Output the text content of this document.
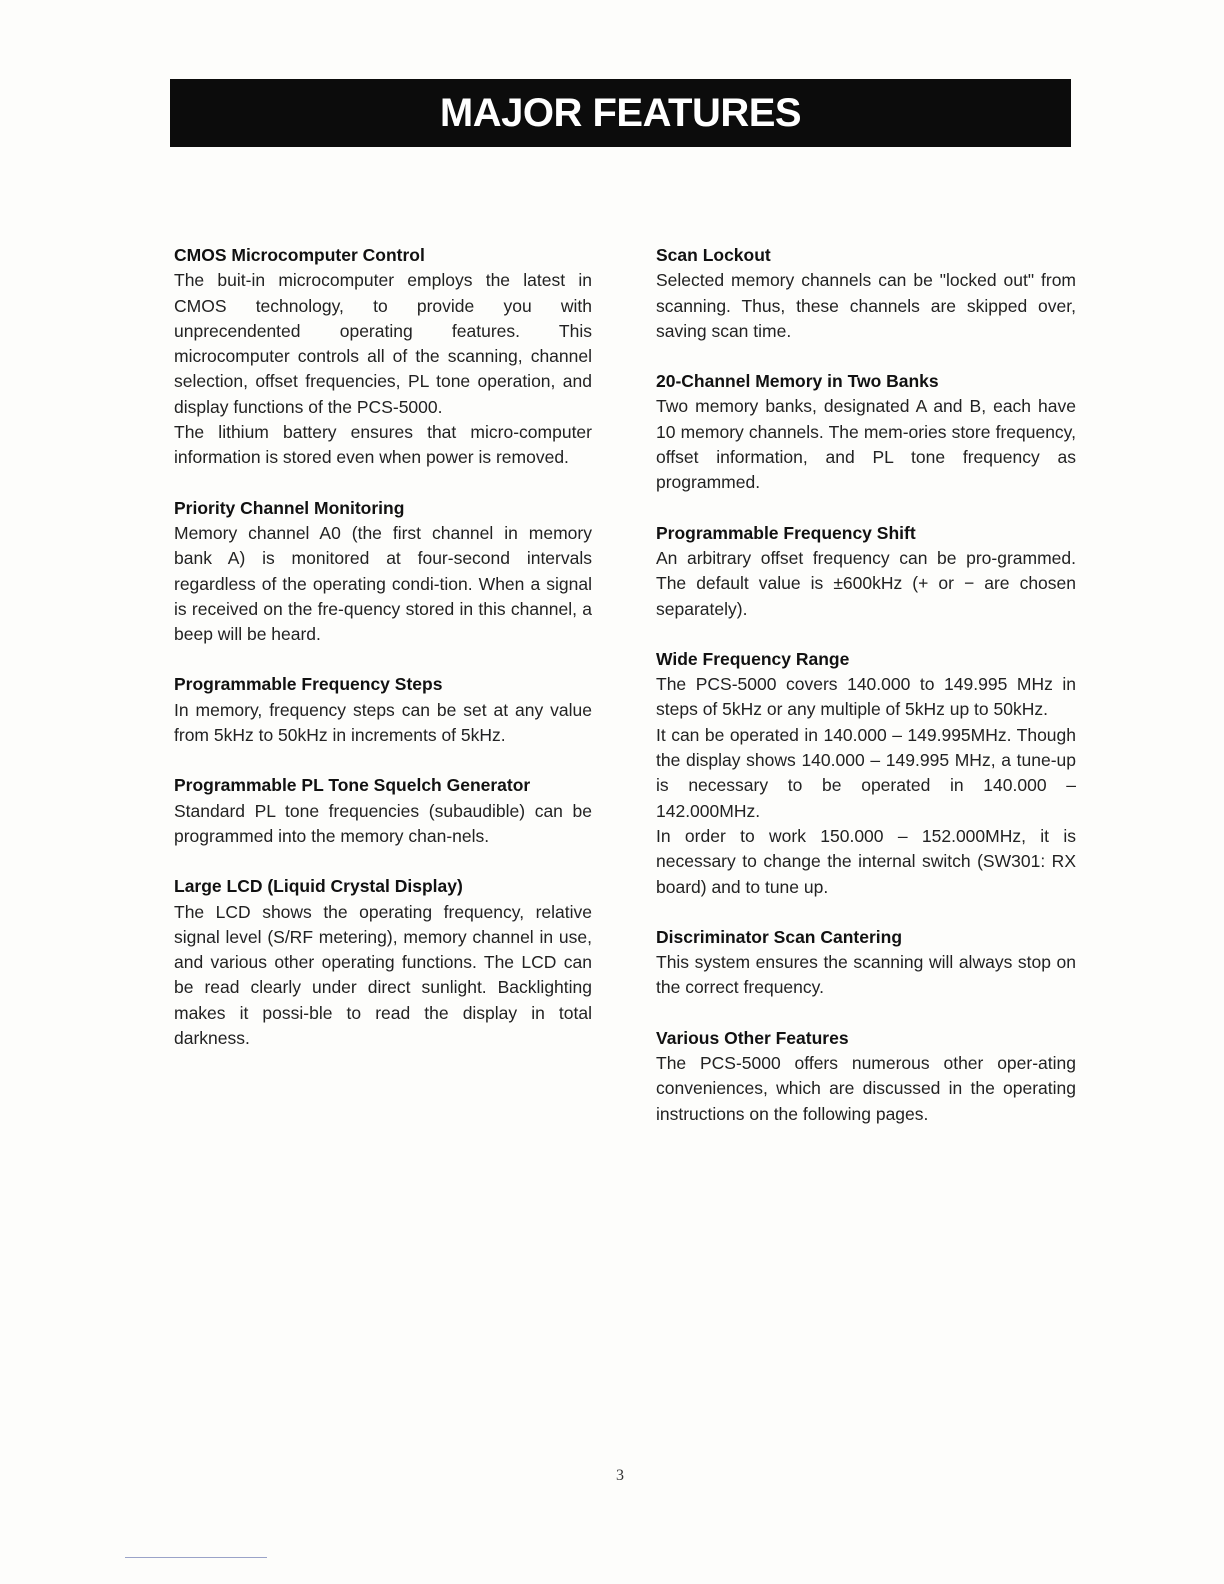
MAJOR FEATURES
CMOS Microcomputer Control

The buit-in microcomputer employs the latest in CMOS technology, to provide you with unprecendented operating features. This microcomputer controls all of the scanning, channel selection, offset frequencies, PL tone operation, and display functions of the PCS-5000.

The lithium battery ensures that micro-computer information is stored even when power is removed.

Priority Channel Monitoring

Memory channel A0 (the first channel in memory bank A) is monitored at four-second intervals regardless of the operating condi-tion. When a signal is received on the fre-quency stored in this channel, a beep will be heard.

Programmable Frequency Steps

In memory, frequency steps can be set at any value from 5kHz to 50kHz in increments of 5kHz.

Programmable PL Tone Squelch Generator

Standard PL tone frequencies (subaudible) can be programmed into the memory chan-nels.

Large LCD (Liquid Crystal Display)

The LCD shows the operating frequency, relative signal level (S/RF metering), memory channel in use, and various other operating functions. The LCD can be read clearly under direct sunlight. Backlighting makes it possi-ble to read the display in total darkness.

Scan Lockout

Selected memory channels can be "locked out" from scanning. Thus, these channels are skipped over, saving scan time.

20-Channel Memory in Two Banks

Two memory banks, designated A and B, each have 10 memory channels. The mem-ories store frequency, offset information, and PL tone frequency as programmed.

Programmable Frequency Shift

An arbitrary offset frequency can be pro-grammed. The default value is ±600kHz (+ or − are chosen separately).

Wide Frequency Range

The PCS-5000 covers 140.000 to 149.995 MHz in steps of 5kHz or any multiple of 5kHz up to 50kHz.

It can be operated in 140.000 – 149.995MHz. Though the display shows 140.000 – 149.995 MHz, a tune-up is necessary to be operated in 140.000 – 142.000MHz.

In order to work 150.000 – 152.000MHz, it is necessary to change the internal switch (SW301: RX board) and to tune up.

Discriminator Scan Cantering

This system ensures the scanning will always stop on the correct frequency.

Various Other Features

The PCS-5000 offers numerous other oper-ating conveniences, which are discussed in the operating instructions on the following pages.

3
